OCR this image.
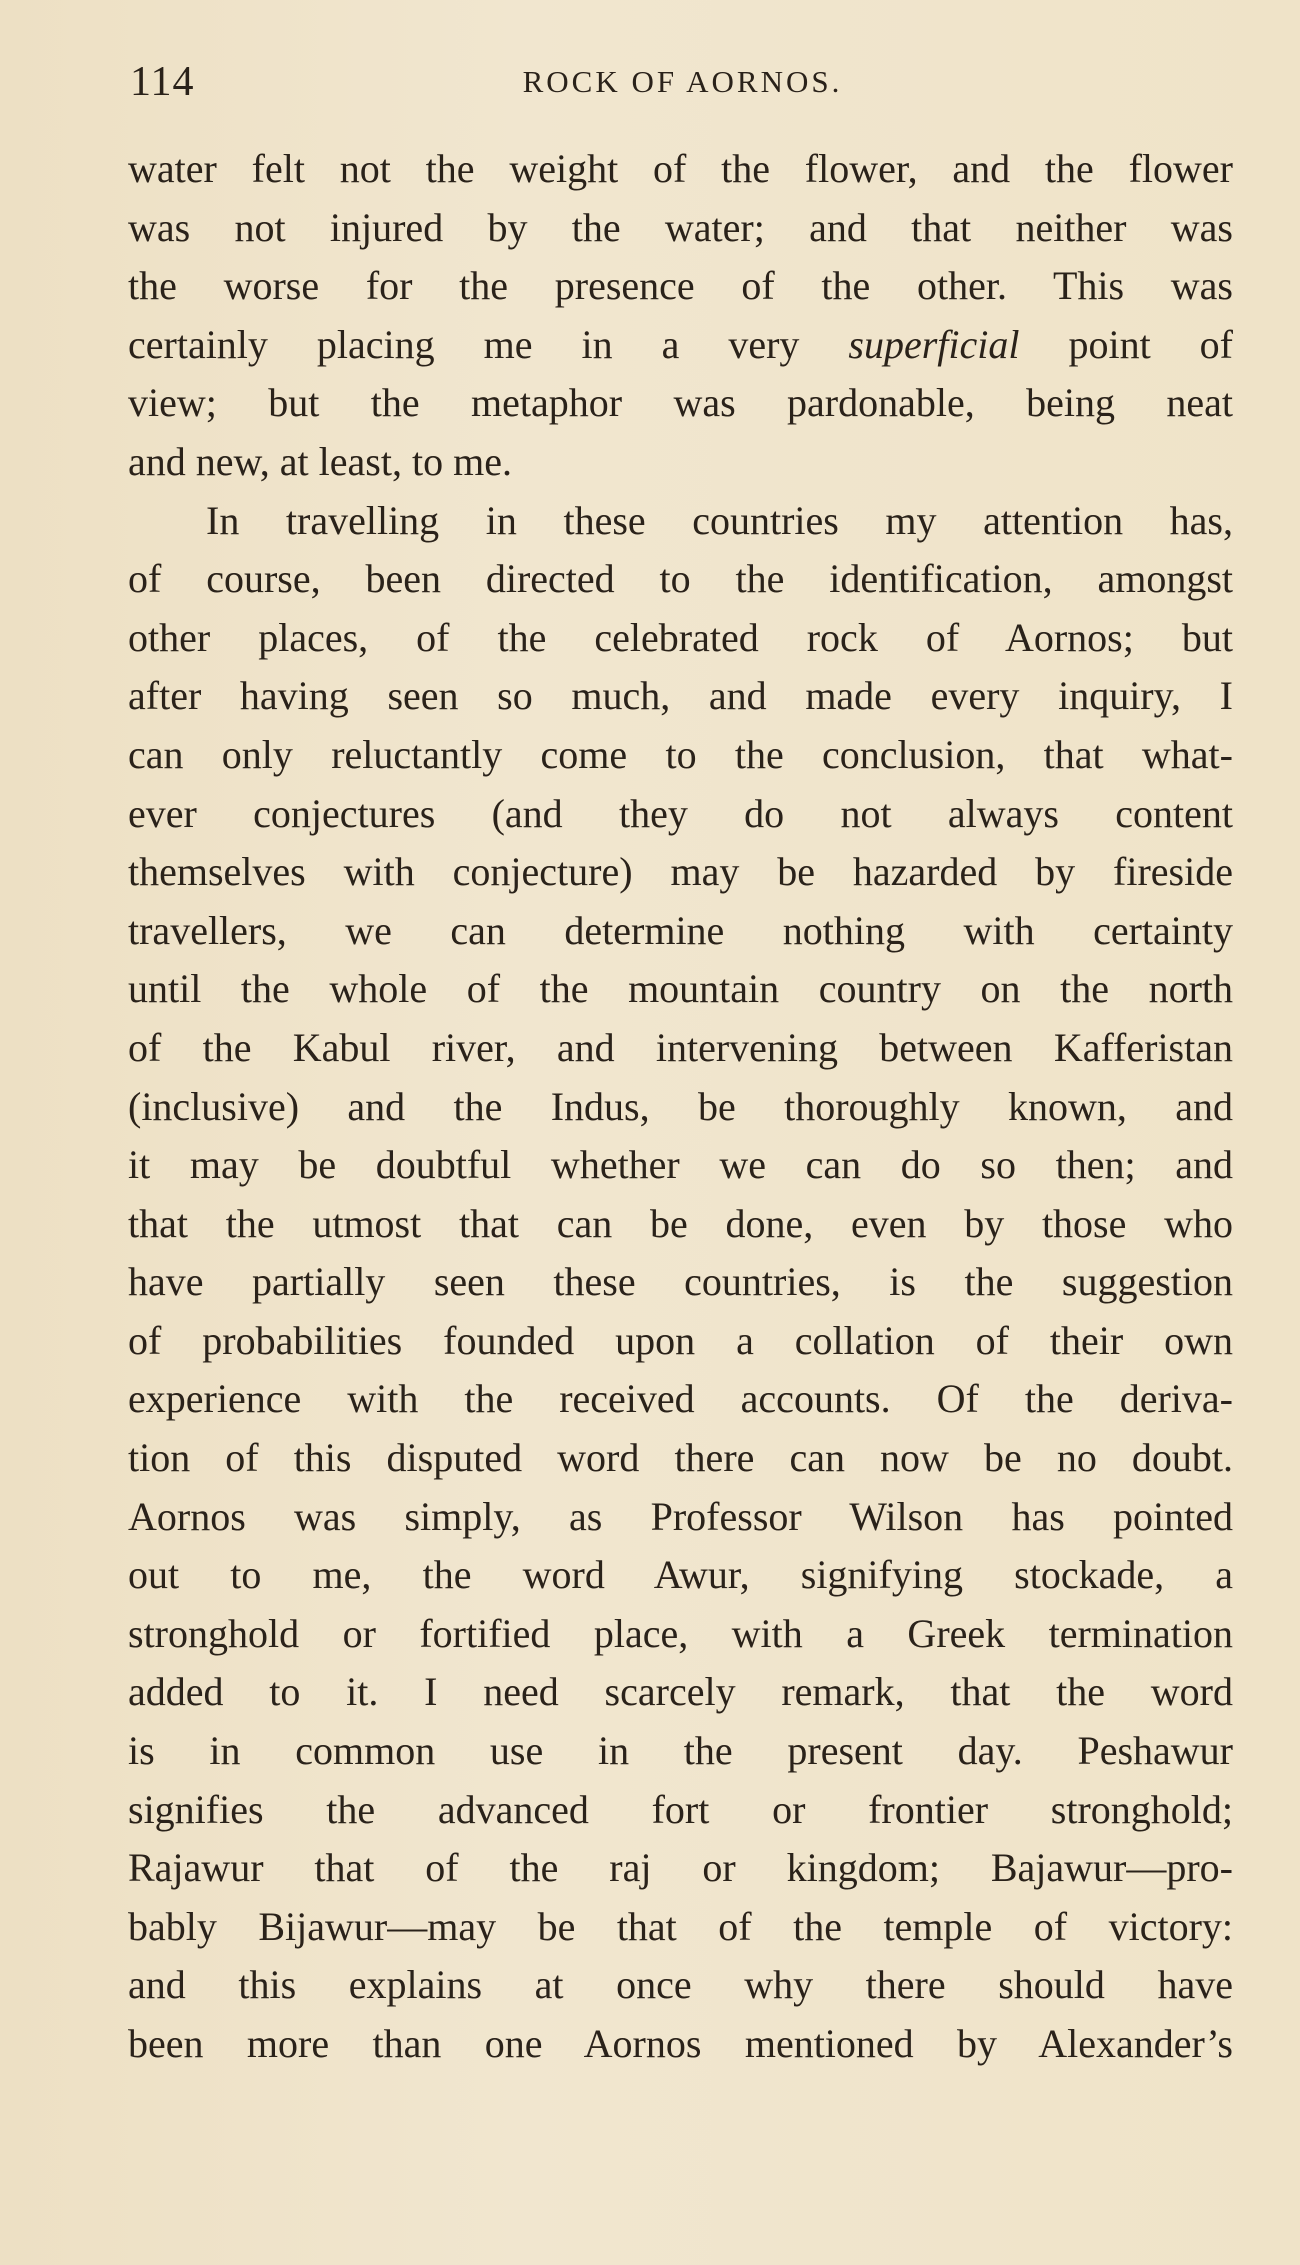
114	ROCK OF AORNOS.
water felt not the weight of the flower, and the flower
was not injured by the water; and that neither was
the worse for the presence of the other. This was
certainly placing me in a very superficial point of
view; but the metaphor was pardonable, being neat
and new, at least, to me.
In travelling in these countries my attention has,
of course, been directed to the identification, amongst
other places, of the celebrated rock of Aornos; but
after having seen so much, and made every inquiry, I
can only reluctantly come to the conclusion, that what-
ever conjectures (and they do not always content
themselves with conjecture) may be hazarded by fireside
travellers, we can determine nothing with certainty
until the whole of the mountain country on the north
of the Kabul river, and intervening between Kafferistan
(inclusive) and the Indus, be thoroughly known, and
it may be doubtful whether we can do so then; and
that the utmost that can be done, even by those who
have partially seen these countries, is the suggestion
of probabilities founded upon a collation of their own
experience with the received accounts. Of the deriva-
tion of this disputed word there can now be no doubt.
Aornos was simply, as Professor Wilson has pointed
out to me, the word Awur, signifying stockade, a
stronghold or fortified place, with a Greek termination
added to it. I need scarcely remark, that the word
is in common use in the present day. Peshawur
signifies the advanced fort or frontier stronghold;
Rajawur that of the raj or kingdom; Bajawur—pro-
bably Bijawur—may be that of the temple of victory:
and this explains at once why there should have
been more than one Aornos mentioned by Alexander’s
